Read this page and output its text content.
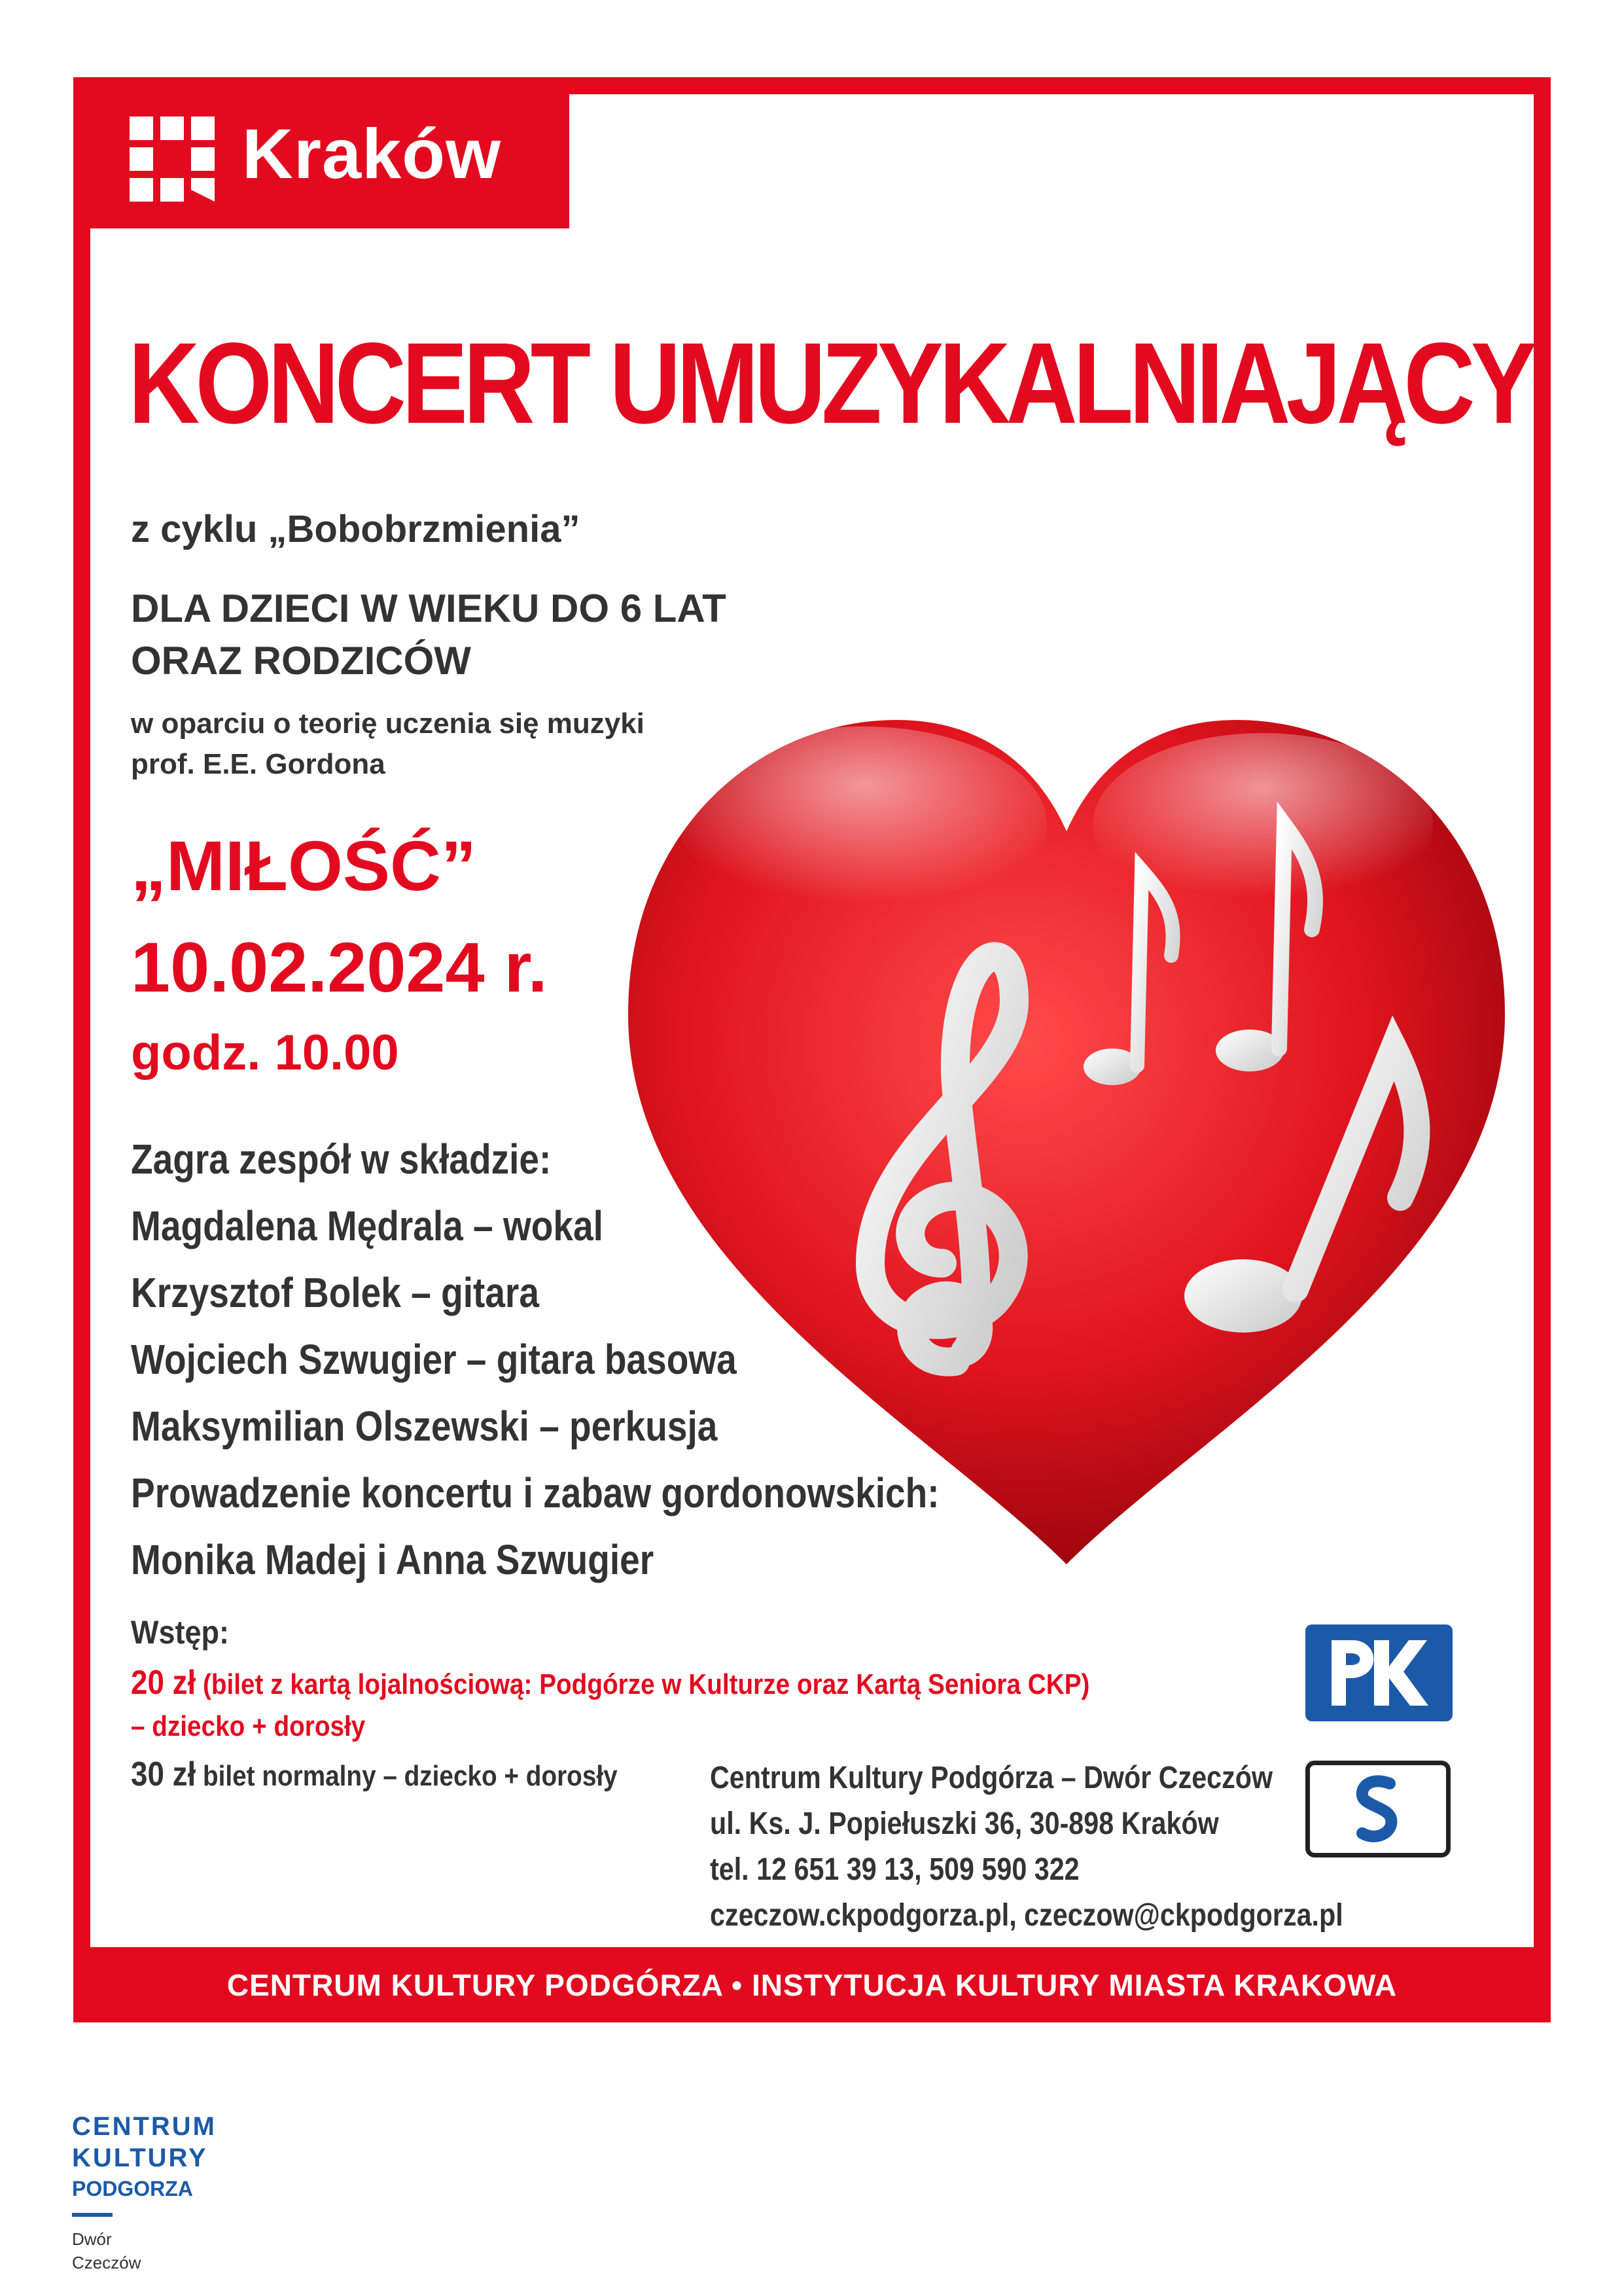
Kraków
KONCERT UMUZYKALNIAJĄCY
z cyklu „Bobobrzmienia”
DLA DZIECI W WIEKU DO 6 LAT
ORAZ RODZICÓW
w oparciu o teorię uczenia się muzyki
prof. E.E. Gordona
„MIŁOŚĆ”
10.02.2024 r.
godz. 10.00
Zagra zespół w składzie:
Magdalena Mędrala – wokal
Krzysztof Bolek – gitara
Wojciech Szwugier – gitara basowa
Maksymilian Olszewski – perkusja
Prowadzenie koncertu i zabaw gordonowskich:
Monika Madej i Anna Szwugier
Wstęp:
20 zł (bilet z kartą lojalnościową: Podgórze w Kulturze oraz Kartą Seniora CKP)
– dziecko + dorosły
30 zł bilet normalny – dziecko + dorosły	Centrum Kultury Podgórza – Dwór Czeczów
ul. Ks. J. Popiełuszki 36, 30-898 Kraków
tel. 12 651 39 13, 509 590 322
czeczow.ckpodgorza.pl, czeczow@ckpodgorza.pl
CENTRUM KULTURY PODGÓRZA • INSTYTUCJA KULTURY MIASTA KRAKOWA
CENTRUM
KULTURY
PODGORZA
Dwór
Czeczów
